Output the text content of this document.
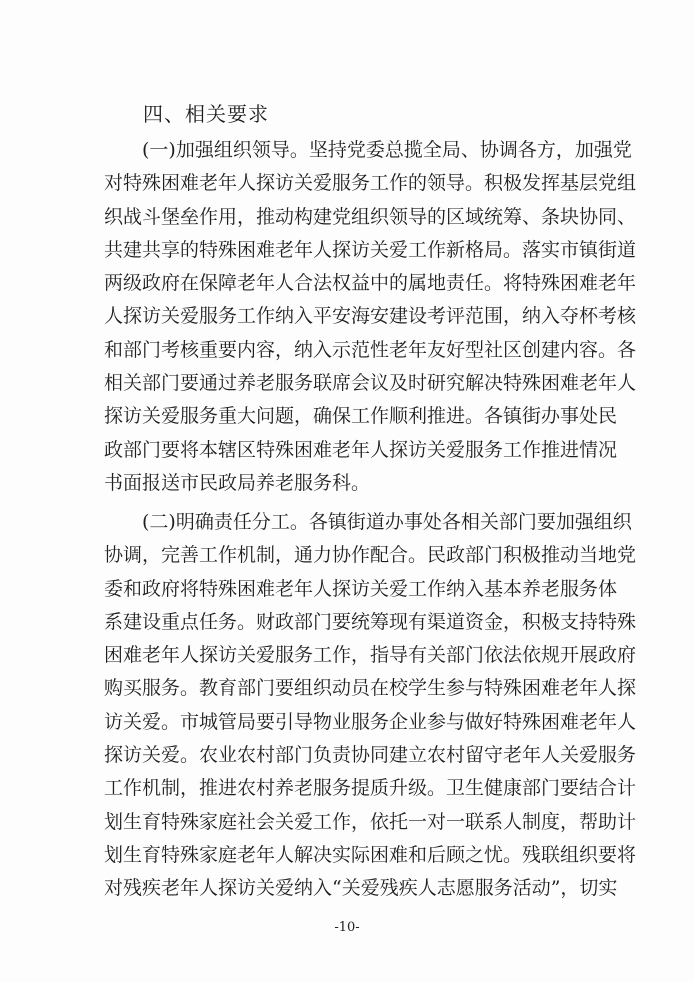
四、相关要求
(一)加强组织领导。坚持党委总揽全局、协调各方，加强党
对特殊困难老年人探访关爱服务工作的领导。积极发挥基层党组
织战斗堡垒作用，推动构建党组织领导的区域统筹、条块协同、
共建共享的特殊困难老年人探访关爱工作新格局。落实市镇街道
两级政府在保障老年人合法权益中的属地责任。将特殊困难老年
人探访关爱服务工作纳入平安海安建设考评范围，纳入夺杯考核
和部门考核重要内容，纳入示范性老年友好型社区创建内容。各
相关部门要通过养老服务联席会议及时研究解决特殊困难老年人
探访关爱服务重大问题，确保工作顺利推进。各镇街办事处民
政部门要将本辖区特殊困难老年人探访关爱服务工作推进情况
书面报送市民政局养老服务科。
(二)明确责任分工。各镇街道办事处各相关部门要加强组织
协调，完善工作机制，通力协作配合。民政部门积极推动当地党
委和政府将特殊困难老年人探访关爱工作纳入基本养老服务体
系建设重点任务。财政部门要统筹现有渠道资金，积极支持特殊
困难老年人探访关爱服务工作，指导有关部门依法依规开展政府
购买服务。教育部门要组织动员在校学生参与特殊困难老年人探
访关爱。市城管局要引导物业服务企业参与做好特殊困难老年人
探访关爱。农业农村部门负责协同建立农村留守老年人关爱服务
工作机制，推进农村养老服务提质升级。卫生健康部门要结合计
划生育特殊家庭社会关爱工作，依托一对一联系人制度，帮助计
划生育特殊家庭老年人解决实际困难和后顾之忧。残联组织要将
对残疾老年人探访关爱纳入“关爱残疾人志愿服务活动”，切实
-10-
